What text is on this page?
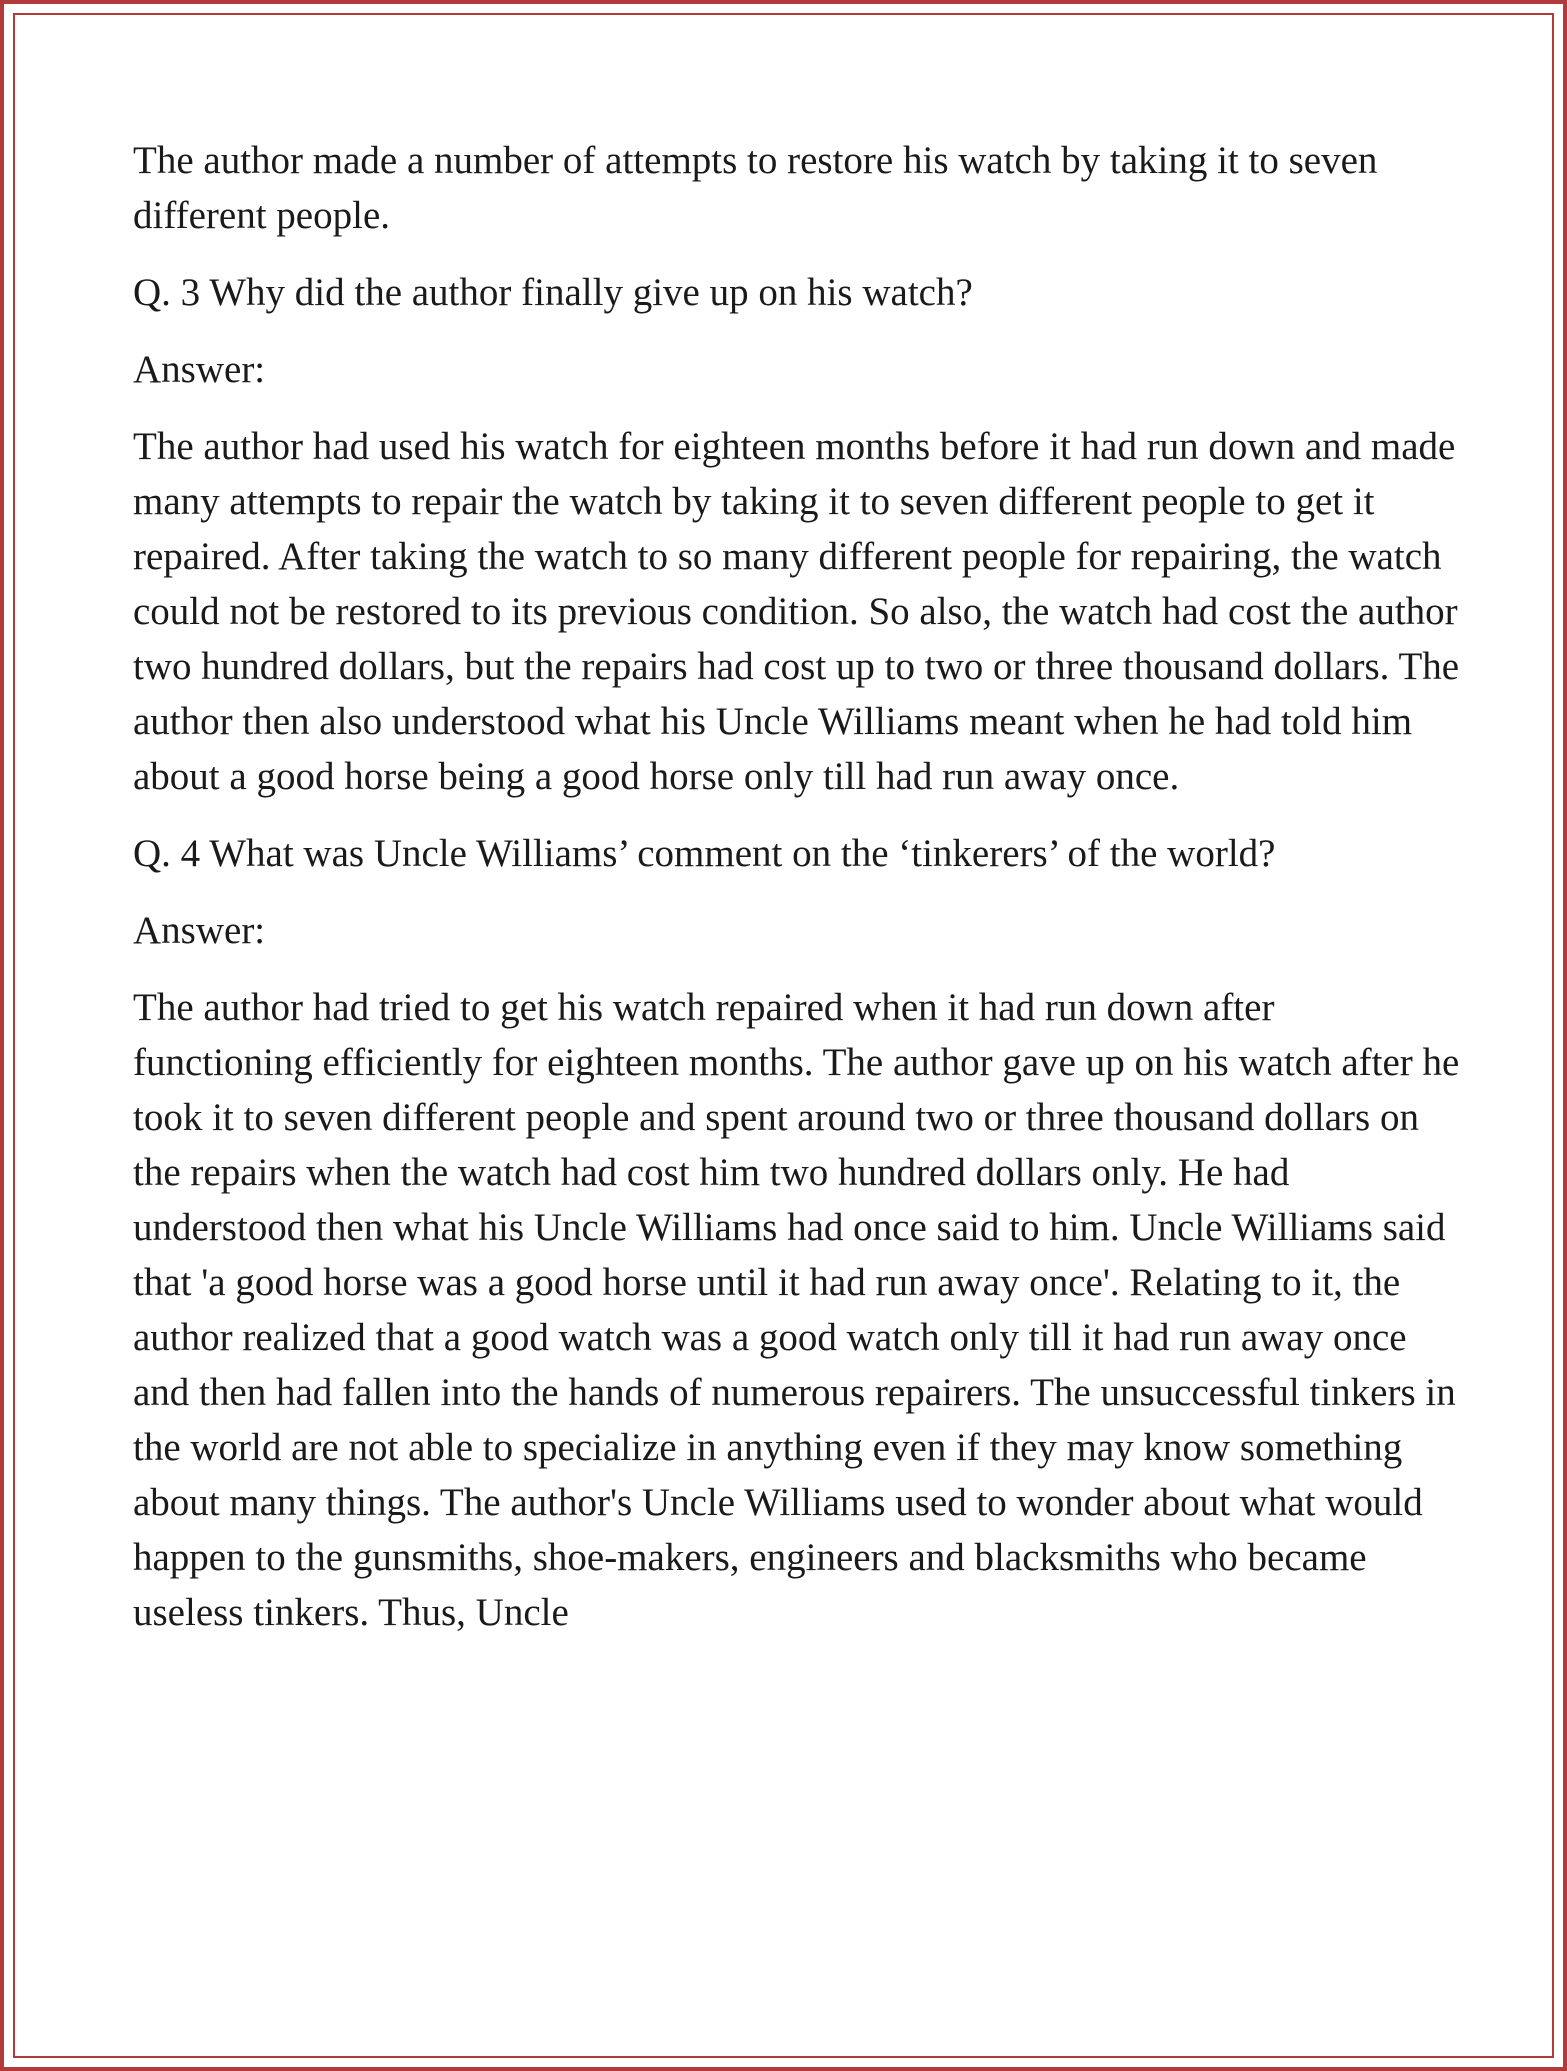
The author made a number of attempts to restore his watch by taking it to seven different people.

Q. 3 Why did the author finally give up on his watch?

Answer:

The author had used his watch for eighteen months before it had run down and made many attempts to repair the watch by taking it to seven different people to get it repaired. After taking the watch to so many different people for repairing, the watch could not be restored to its previous condition. So also, the watch had cost the author two hundred dollars, but the repairs had cost up to two or three thousand dollars. The author then also understood what his Uncle Williams meant when he had told him about a good horse being a good horse only till had run away once.

Q. 4 What was Uncle Williams’ comment on the ‘tinkerers’ of the world?

Answer:

The author had tried to get his watch repaired when it had run down after functioning efficiently for eighteen months. The author gave up on his watch after he took it to seven different people and spent around two or three thousand dollars on the repairs when the watch had cost him two hundred dollars only. He had understood then what his Uncle Williams had once said to him. Uncle Williams said that 'a good horse was a good horse until it had run away once'. Relating to it, the author realized that a good watch was a good watch only till it had run away once and then had fallen into the hands of numerous repairers. The unsuccessful tinkers in the world are not able to specialize in anything even if they may know something about many things. The author's Uncle Williams used to wonder about what would happen to the gunsmiths, shoe-makers, engineers and blacksmiths who became useless tinkers. Thus, Uncle
